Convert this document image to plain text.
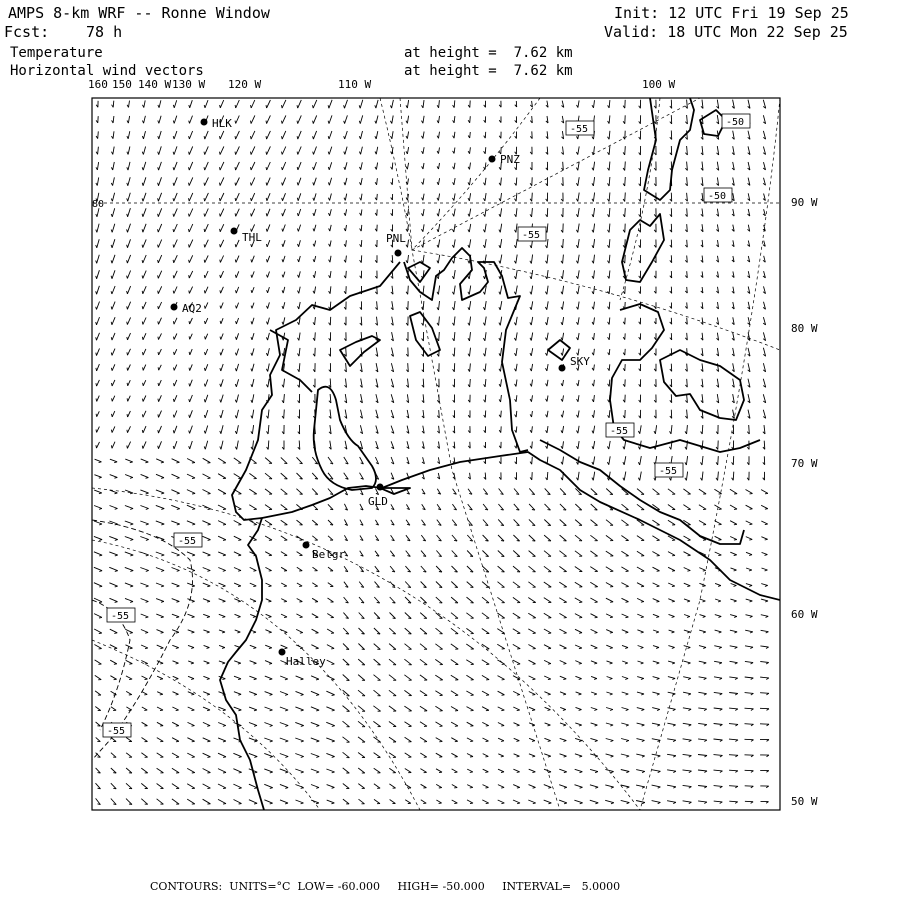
AMPS 8-km WRF -- Ronne Window
Fcst: 78 h
Init: 12 UTC Fri 19 Sep 25
Valid: 18 UTC Mon 22 Sep 25
Temperature
Horizontal wind vectors
at height =  7.62 km
at height =  7.62 km
160 150 140 W 130 W 120 W	110 W	100 W
90 W
80 W
70 W
60 W
50 W
80
HLK
THL
AQ2
PNL
PNZ
GLD
SKY
Belgr
Halley
-55
-50
-50
-55
-55
-55
-55
-55
-55
CONTOURS:  UNITS=°C  LOW= -60.000     HIGH= -50.000     INTERVAL=   5.0000
